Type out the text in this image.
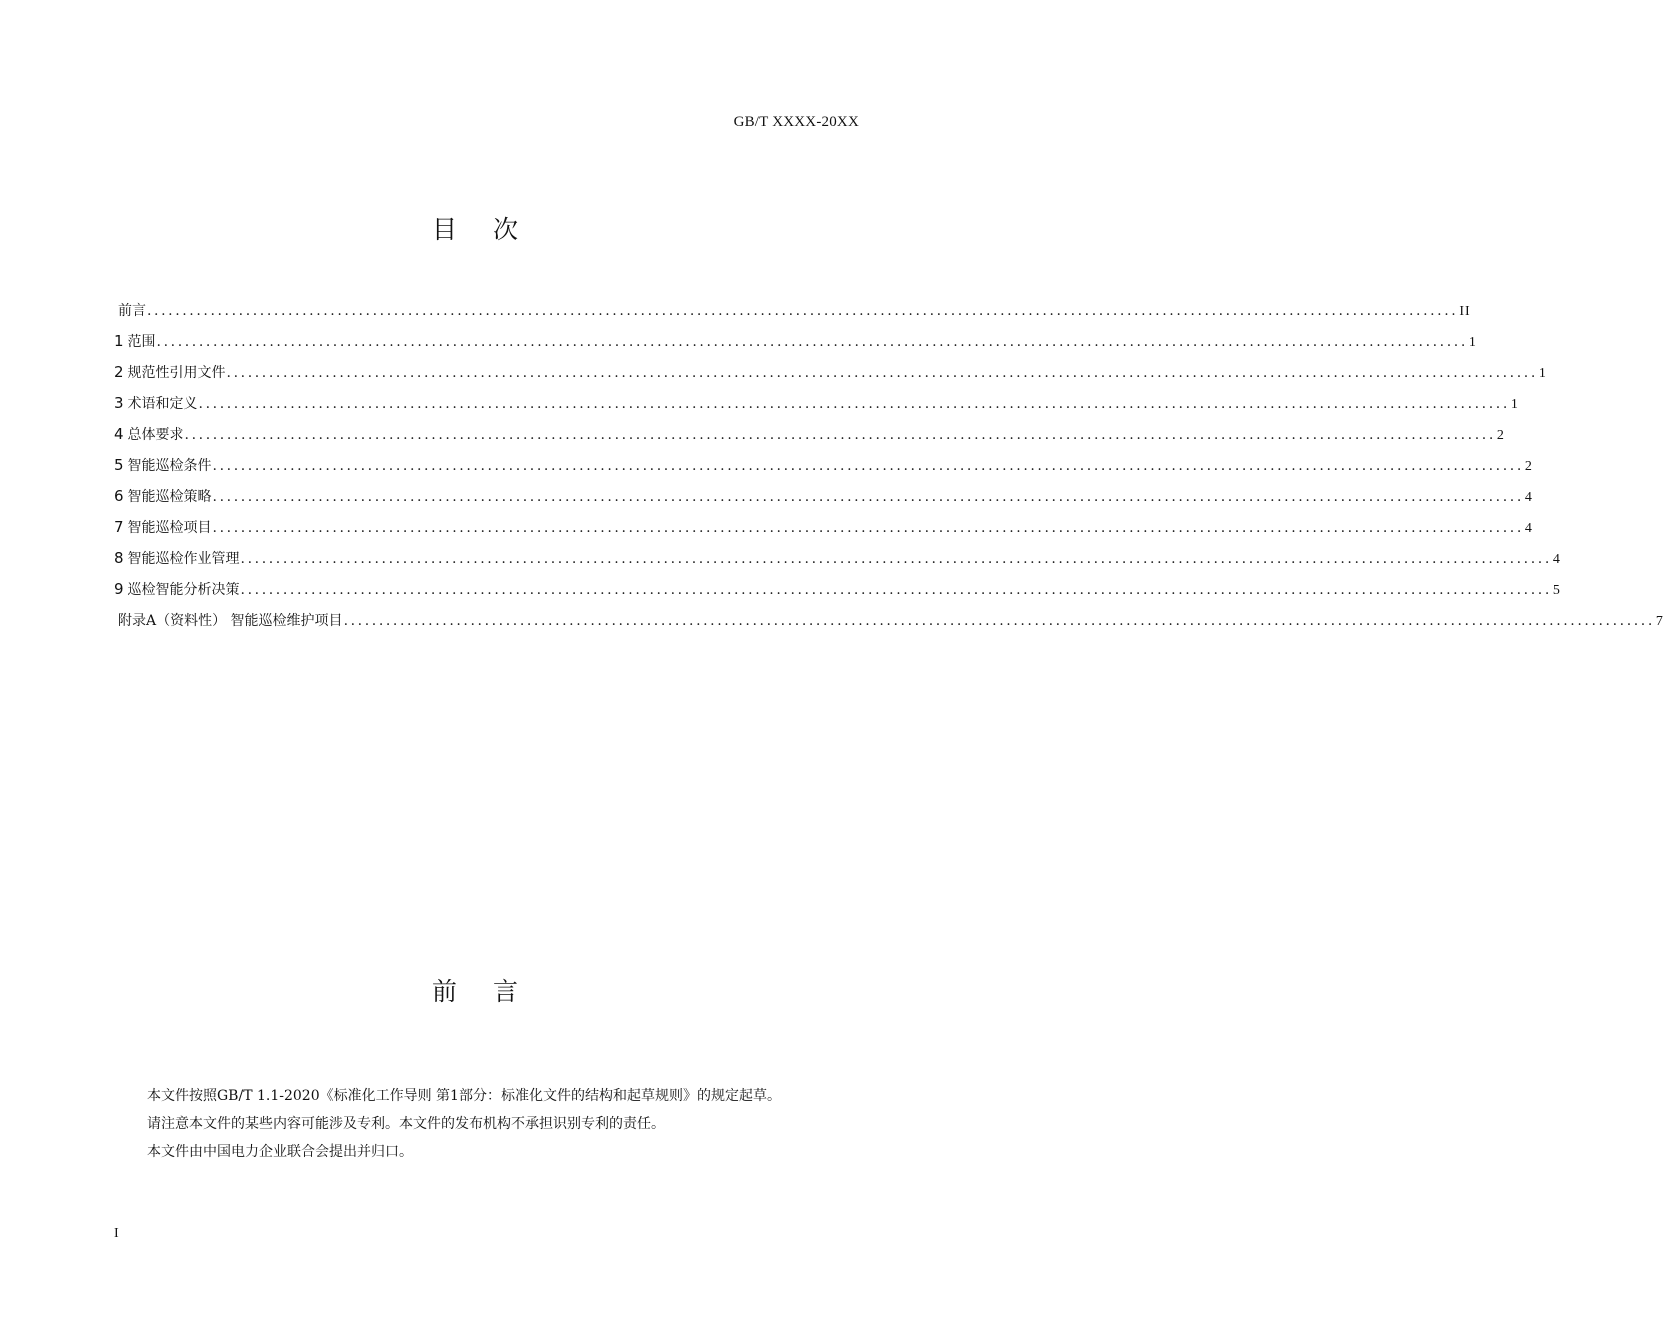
GB/T XXXX-20XX
目 次
前言 .......................................................................................................................................................................................... II
1 范围 .......................................................................................................................................................................................... 1
2 规范性引用文件 .......................................................................................................................................................................................... 1
3 术语和定义 .......................................................................................................................................................................................... 1
4 总体要求 .......................................................................................................................................................................................... 2
5 智能巡检条件 .......................................................................................................................................................................................... 2
6 智能巡检策略 .......................................................................................................................................................................................... 4
7 智能巡检项目 .......................................................................................................................................................................................... 4
8 智能巡检作业管理 .......................................................................................................................................................................................... 4
9 巡检智能分析决策 .......................................................................................................................................................................................... 5
附录A（资料性） 智能巡检维护项目 .......................................................................................................................................................................................... 7
前 言

本文件按照GB/T 1.1-2020《标准化工作导则 第1部分：标准化文件的结构和起草规则》的规定起草。

请注意本文件的某些内容可能涉及专利。本文件的发布机构不承担识别专利的责任。

本文件由中国电力企业联合会提出并归口。

I
